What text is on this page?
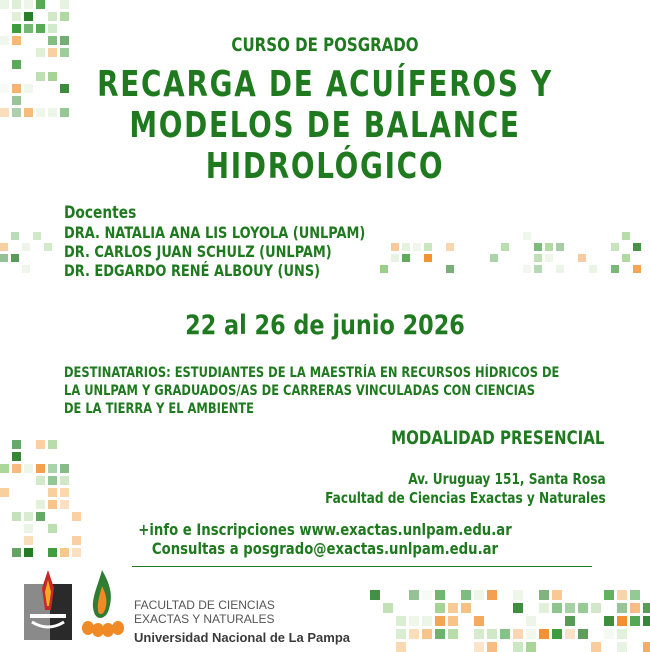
CURSO DE POSGRADO
RECARGA DE ACUÍFEROS Y
MODELOS DE BALANCE
HIDROLÓGICO
Docentes
DRA. NATALIA ANA LIS LOYOLA (UNLPAM)
DR. CARLOS JUAN SCHULZ (UNLPAM)
DR. EDGARDO RENÉ ALBOUY (UNS)
22 al 26 de junio 2026
DESTINATARIOS: ESTUDIANTES DE LA MAESTRÍA EN RECURSOS HÍDRICOS DE
LA UNLPAM Y GRADUADOS/AS DE CARRERAS VINCULADAS CON CIENCIAS
DE LA TIERRA Y EL AMBIENTE
MODALIDAD PRESENCIAL
Av. Uruguay 151, Santa Rosa
Facultad de Ciencias Exactas y Naturales
+info e Inscripciones www.exactas.unlpam.edu.ar
Consultas a posgrado@exactas.unlpam.edu.ar
FACULTAD DE CIENCIAS
EXACTAS Y NATURALES
Universidad Nacional de La Pampa
